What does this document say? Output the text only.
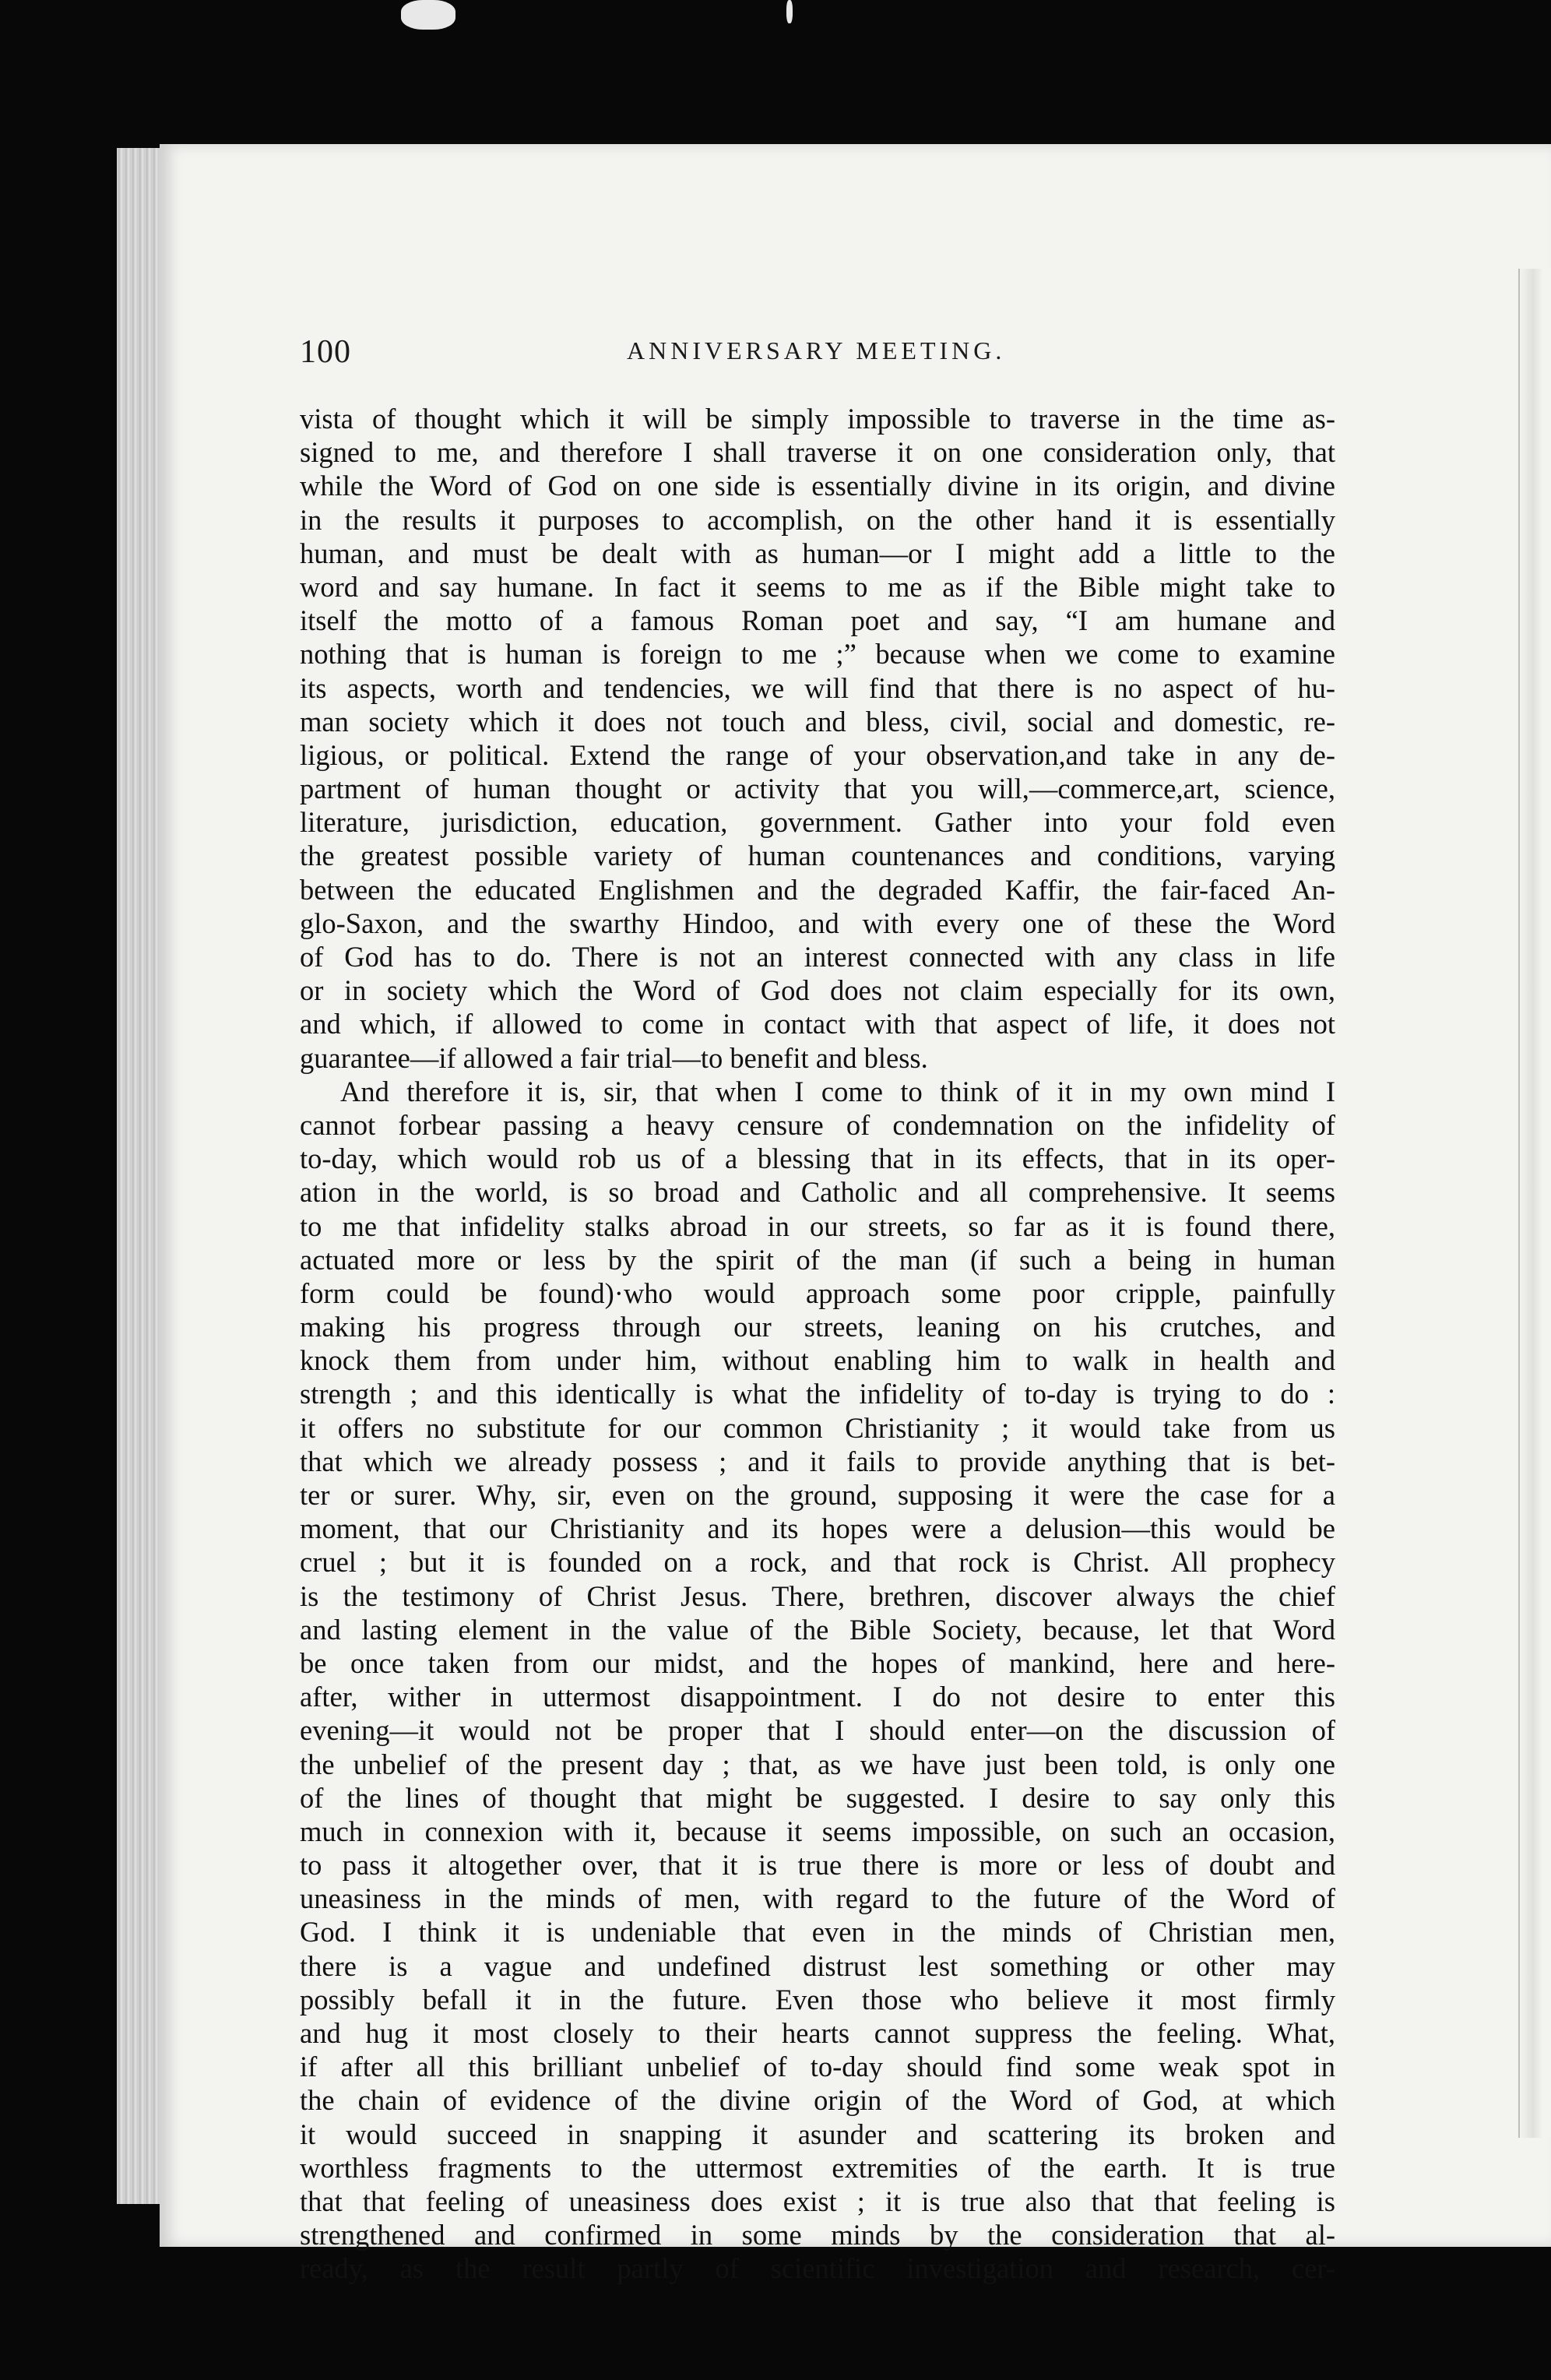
100	ANNIVERSARY MEETING.
vista of thought which it will be simply impossible to traverse in the time as-
signed to me, and therefore I shall traverse it on one consideration only, that
while the Word of God on one side is essentially divine in its origin, and divine
in the results it purposes to accomplish, on the other hand it is essentially
human, and must be dealt with as human—or I might add a little to the
word and say humane. In fact it seems to me as if the Bible might take to
itself the motto of a famous Roman poet and say, “I am humane and
nothing that is human is foreign to me ;” because when we come to examine
its aspects, worth and tendencies, we will find that there is no aspect of hu-
man society which it does not touch and bless, civil, social and domestic, re-
ligious, or political. Extend the range of your observation,and take in any de-
partment of human thought or activity that you will,—commerce,art, science,
literature, jurisdiction, education, government. Gather into your fold even
the greatest possible variety of human countenances and conditions, varying
between the educated Englishmen and the degraded Kaffir, the fair-faced An-
glo-Saxon, and the swarthy Hindoo, and with every one of these the Word
of God has to do. There is not an interest connected with any class in life
or in society which the Word of God does not claim especially for its own,
and which, if allowed to come in contact with that aspect of life, it does not
guarantee—if allowed a fair trial—to benefit and bless.
And therefore it is, sir, that when I come to think of it in my own mind I
cannot forbear passing a heavy censure of condemnation on the infidelity of
to-day, which would rob us of a blessing that in its effects, that in its oper-
ation in the world, is so broad and Catholic and all comprehensive. It seems
to me that infidelity stalks abroad in our streets, so far as it is found there,
actuated more or less by the spirit of the man (if such a being in human
form could be found)·who would approach some poor cripple, painfully
making his progress through our streets, leaning on his crutches, and
knock them from under him, without enabling him to walk in health and
strength ; and this identically is what the infidelity of to-day is trying to do :
it offers no substitute for our common Christianity ; it would take from us
that which we already possess ; and it fails to provide anything that is bet-
ter or surer. Why, sir, even on the ground, supposing it were the case for a
moment, that our Christianity and its hopes were a delusion—this would be
cruel ; but it is founded on a rock, and that rock is Christ. All prophecy
is the testimony of Christ Jesus. There, brethren, discover always the chief
and lasting element in the value of the Bible Society, because, let that Word
be once taken from our midst, and the hopes of mankind, here and here-
after, wither in uttermost disappointment. I do not desire to enter this
evening—it would not be proper that I should enter—on the discussion of
the unbelief of the present day ; that, as we have just been told, is only one
of the lines of thought that might be suggested. I desire to say only this
much in connexion with it, because it seems impossible, on such an occasion,
to pass it altogether over, that it is true there is more or less of doubt and
uneasiness in the minds of men, with regard to the future of the Word of
God. I think it is undeniable that even in the minds of Christian men,
there is a vague and undefined distrust lest something or other may
possibly befall it in the future. Even those who believe it most firmly
and hug it most closely to their hearts cannot suppress the feeling. What,
if after all this brilliant unbelief of to-day should find some weak spot in
the chain of evidence of the divine origin of the Word of God, at which
it would succeed in snapping it asunder and scattering its broken and
worthless fragments to the uttermost extremities of the earth. It is true
that that feeling of uneasiness does exist ; it is true also that that feeling is
strengthened and confirmed in some minds by the consideration that al-
ready, as the result partly of scientific investigation and research, cer-
